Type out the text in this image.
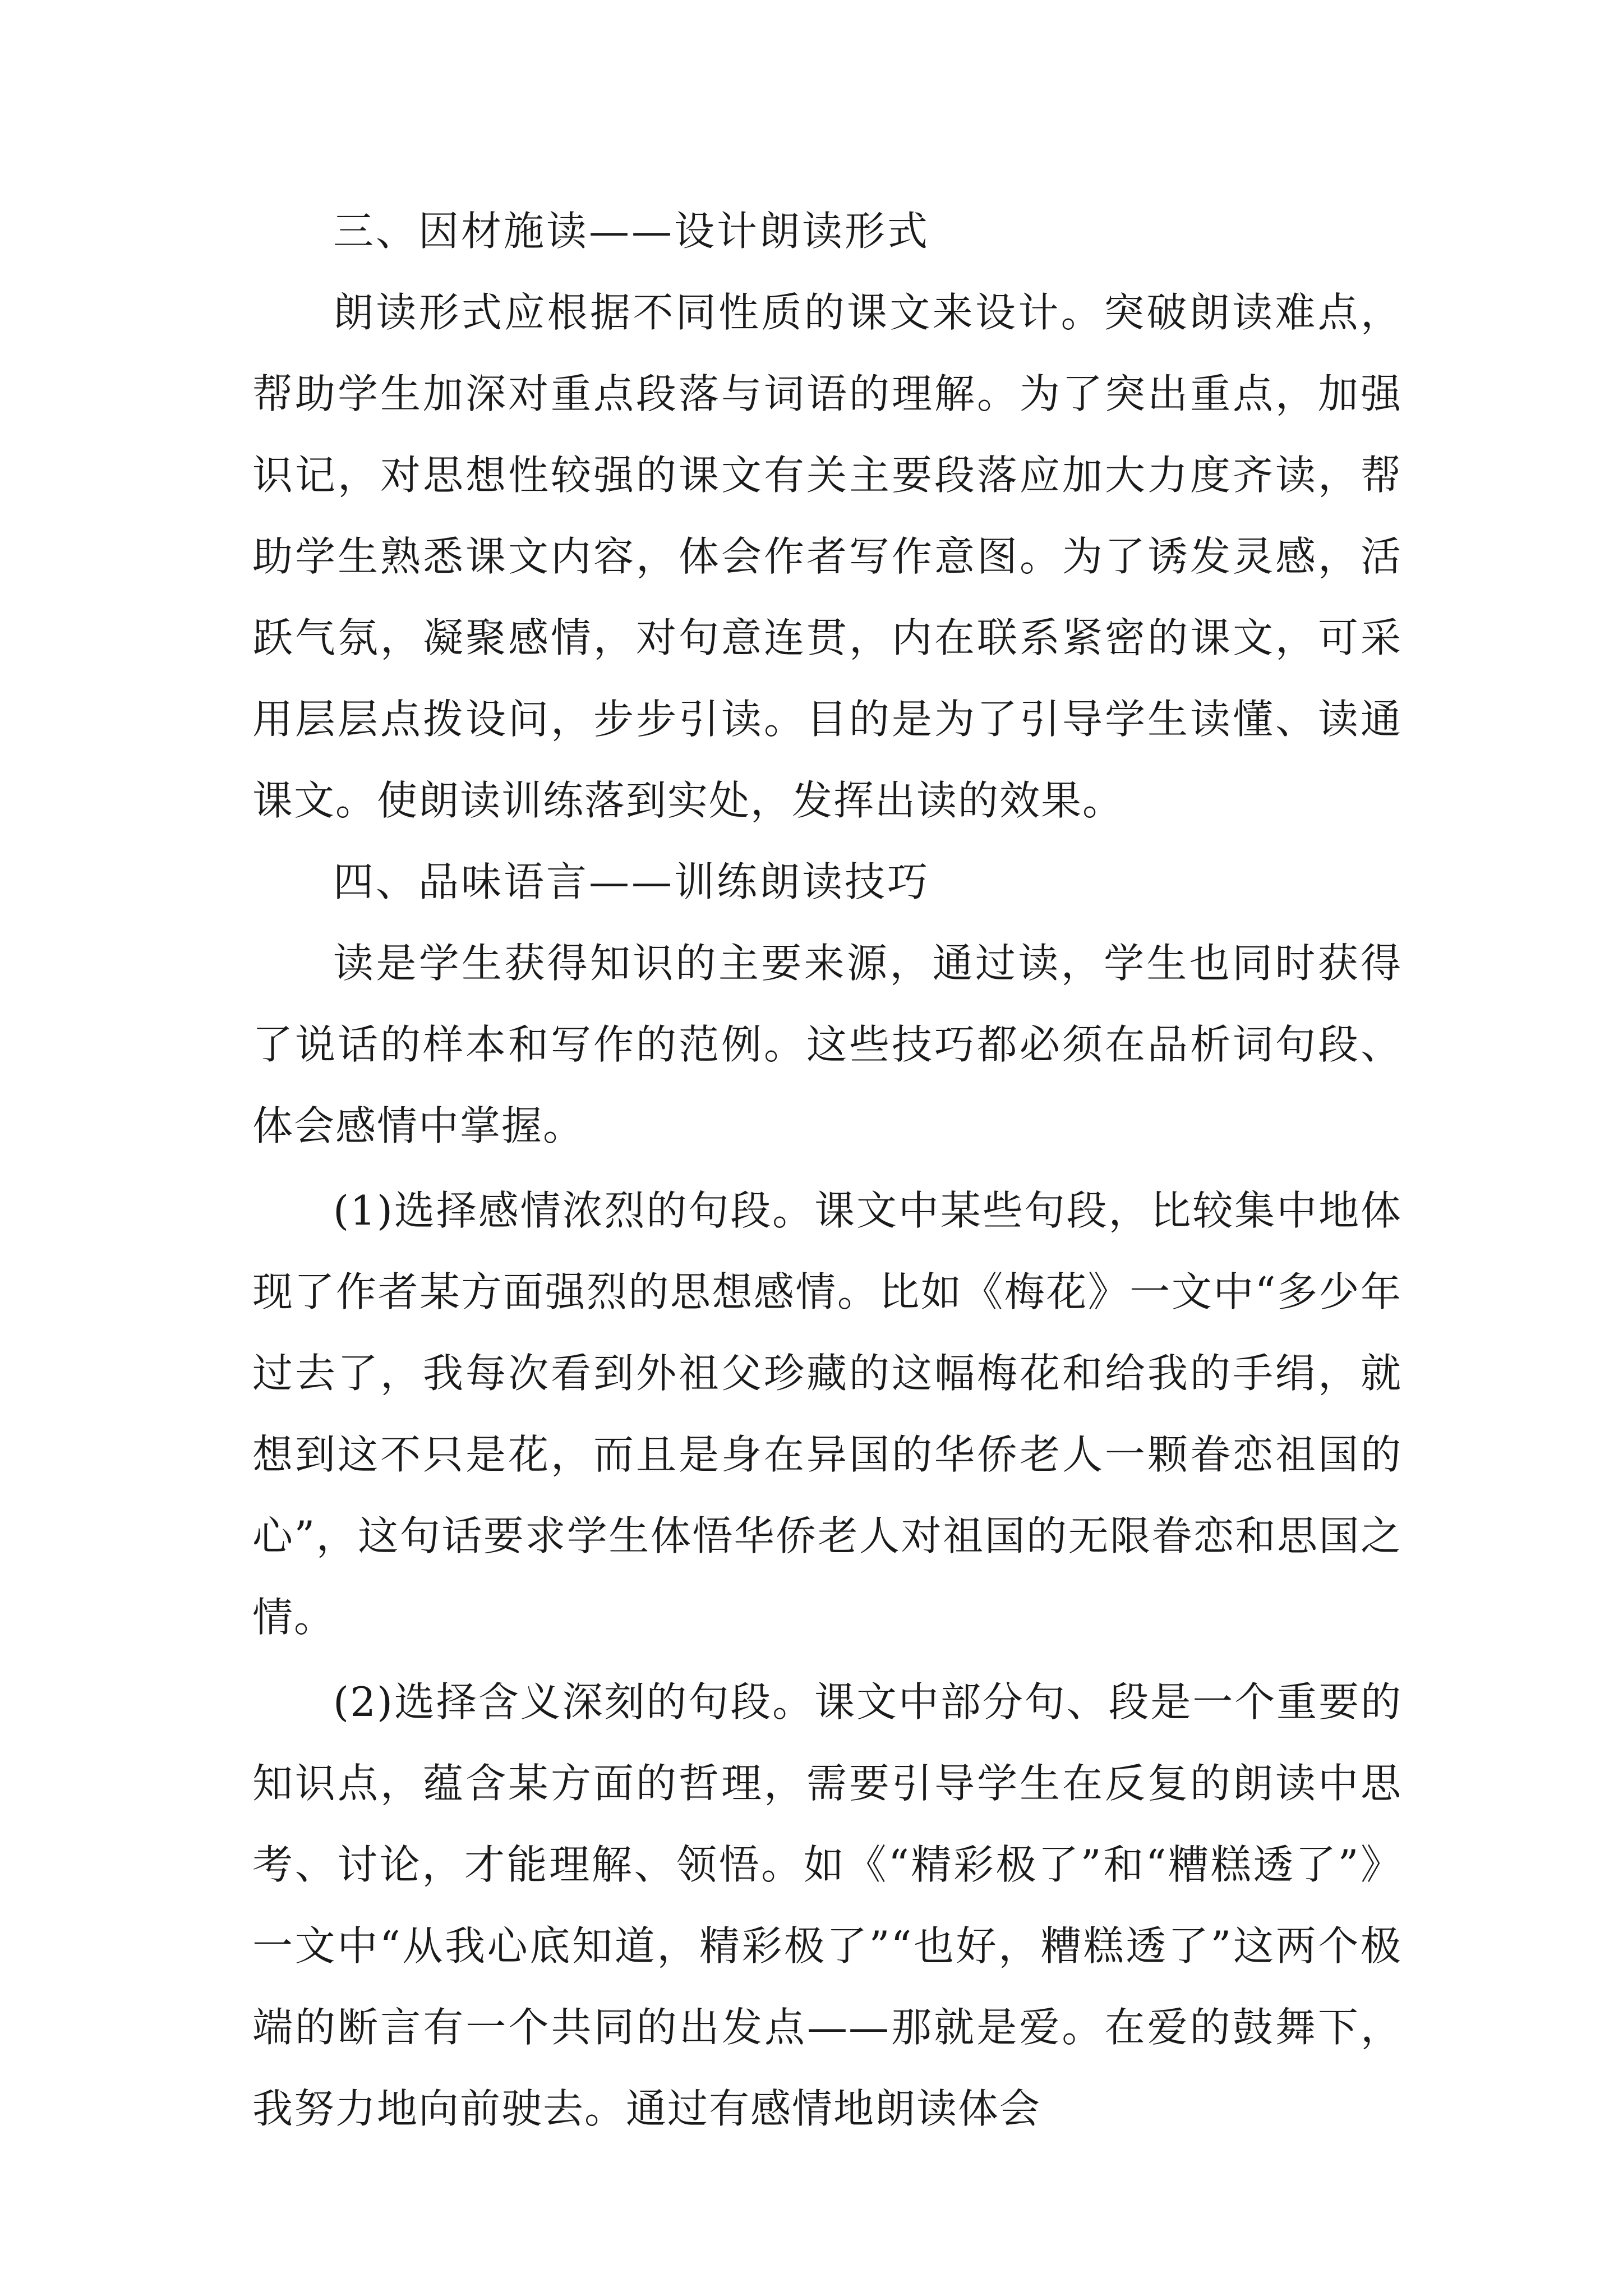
三、因材施读——设计朗读形式

朗读形式应根据不同性质的课文来设计。突破朗读难点，帮助学生加深对重点段落与词语的理解。为了突出重点，加强识记，对思想性较强的课文有关主要段落应加大力度齐读，帮助学生熟悉课文内容，体会作者写作意图。为了诱发灵感，活跃气氛，凝聚感情，对句意连贯，内在联系紧密的课文，可采用层层点拨设问，步步引读。目的是为了引导学生读懂、读通课文。使朗读训练落到实处，发挥出读的效果。

四、品味语言——训练朗读技巧

读是学生获得知识的主要来源，通过读，学生也同时获得了说话的样本和写作的范例。这些技巧都必须在品析词句段、体会感情中掌握。

(1)选择感情浓烈的句段。课文中某些句段，比较集中地体现了作者某方面强烈的思想感情。比如《梅花》一文中“多少年过去了，我每次看到外祖父珍藏的这幅梅花和给我的手绢，就想到这不只是花，而且是身在异国的华侨老人一颗眷恋祖国的心”，这句话要求学生体悟华侨老人对祖国的无限眷恋和思国之情。

(2)选择含义深刻的句段。课文中部分句、段是一个重要的知识点，蕴含某方面的哲理，需要引导学生在反复的朗读中思考、讨论，才能理解、领悟。如《“精彩极了”和“糟糕透了”》一文中“从我心底知道，精彩极了”“也好，糟糕透了”这两个极端的断言有一个共同的出发点——那就是爱。在爱的鼓舞下，我努力地向前驶去。通过有感情地朗读体会
